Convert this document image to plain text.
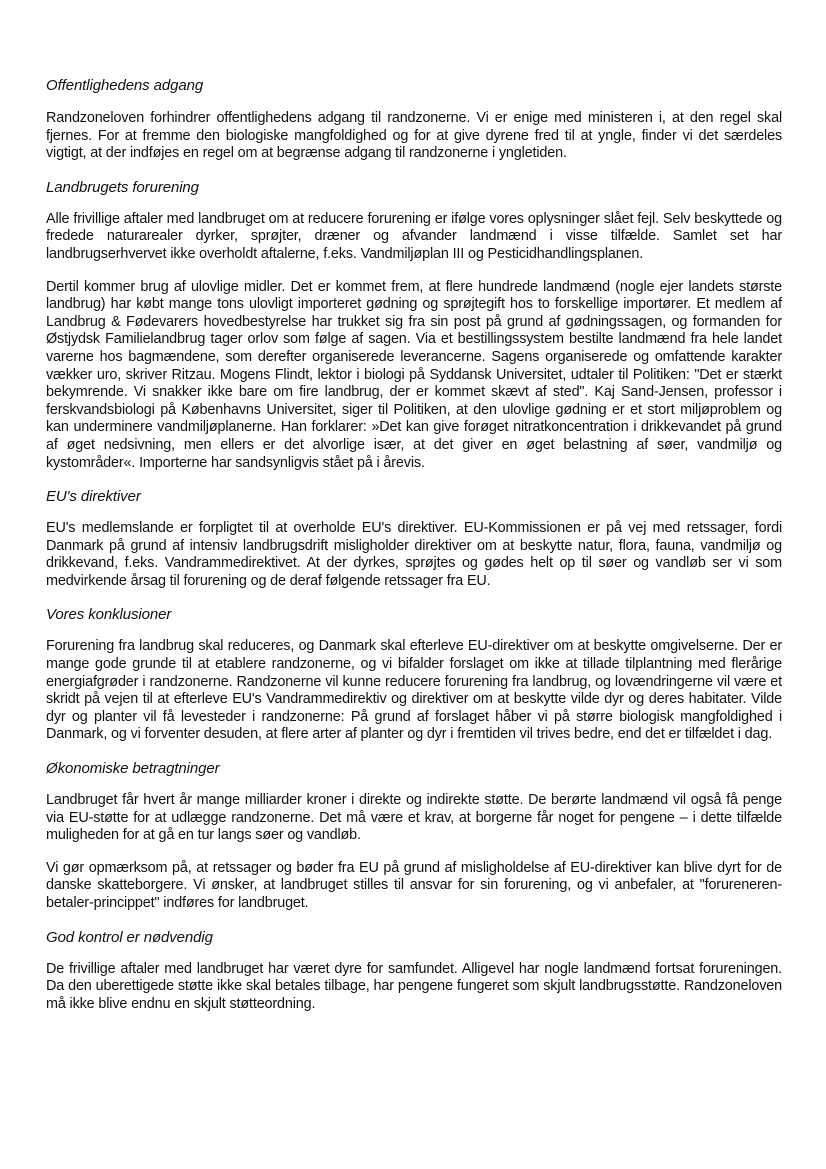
Offentlighedens adgang

Randzoneloven forhindrer offentlighedens adgang til randzonerne. Vi er enige med ministeren i, at den regel skal fjernes. For at fremme den biologiske mangfoldighed og for at give dyrene fred til at yngle, finder vi det særdeles vigtigt, at der indføjes en regel om at begrænse adgang til randzonerne i yngletiden.

Landbrugets forurening

Alle frivillige aftaler med landbruget om at reducere forurening er ifølge vores oplysninger slået fejl. Selv beskyttede og fredede naturarealer dyrker, sprøjter, dræner og afvander landmænd i visse tilfælde. Samlet set har landbrugserhvervet ikke overholdt aftalerne, f.eks. Vandmiljøplan III og Pesticidhandlingsplanen.

Dertil kommer brug af ulovlige midler. Det er kommet frem, at flere hundrede landmænd (nogle ejer landets største landbrug) har købt mange tons ulovligt importeret gødning og sprøjtegift hos to forskellige importører. Et medlem af Landbrug & Fødevarers hovedbestyrelse har trukket sig fra sin post på grund af gødningssagen, og formanden for Østjydsk Familielandbrug tager orlov som følge af sagen. Via et bestillingssystem bestilte landmænd fra hele landet varerne hos bagmændene, som derefter organiserede leverancerne. Sagens organiserede og omfattende karakter vækker uro, skriver Ritzau. Mogens Flindt, lektor i biologi på Syddansk Universitet, udtaler til Politiken: "Det er stærkt bekymrende. Vi snakker ikke bare om fire landbrug, der er kommet skævt af sted". Kaj Sand-Jensen, professor i ferskvandsbiologi på Københavns Universitet, siger til Politiken, at den ulovlige gødning er et stort miljøproblem og kan underminere vandmiljøplanerne. Han forklarer: »Det kan give forøget nitratkoncentration i drikkevandet på grund af øget nedsivning, men ellers er det alvorlige især, at det giver en øget belastning af søer, vandmiljø og kystområder«. Importerne har sandsynligvis stået på i årevis.

EU's direktiver

EU's medlemslande er forpligtet til at overholde EU's direktiver. EU-Kommissionen er på vej med retssager, fordi Danmark på grund af intensiv landbrugsdrift misligholder direktiver om at beskytte natur, flora, fauna, vandmiljø og drikkevand, f.eks. Vandrammedirektivet. At der dyrkes, sprøjtes og gødes helt op til søer og vandløb ser vi som medvirkende årsag til forurening og de deraf følgende retssager fra EU.

Vores konklusioner

Forurening fra landbrug skal reduceres, og Danmark skal efterleve EU-direktiver om at beskytte omgivelserne. Der er mange gode grunde til at etablere randzonerne, og vi bifalder forslaget om ikke at tillade tilplantning med flerårige energiafgrøder i randzonerne. Randzonerne vil kunne reducere forurening fra landbrug, og lovændringerne vil være et skridt på vejen til at efterleve EU's Vandrammedirektiv og direktiver om at beskytte vilde dyr og deres habitater. Vilde dyr og planter vil få levesteder i randzonerne: På grund af forslaget håber vi på større biologisk mangfoldighed i Danmark, og vi forventer desuden, at flere arter af planter og dyr i fremtiden vil trives bedre, end det er tilfældet i dag.

Økonomiske betragtninger

Landbruget får hvert år mange milliarder kroner i direkte og indirekte støtte. De berørte landmænd vil også få penge via EU-støtte for at udlægge randzonerne. Det må være et krav, at borgerne får noget for pengene – i dette tilfælde muligheden for at gå en tur langs søer og vandløb.

Vi gør opmærksom på, at retssager og bøder fra EU på grund af misligholdelse af EU-direktiver kan blive dyrt for de danske skatteborgere. Vi ønsker, at landbruget stilles til ansvar for sin forurening, og vi anbefaler, at "forureneren-betaler-princippet" indføres for landbruget.

God kontrol er nødvendig

De frivillige aftaler med landbruget har været dyre for samfundet. Alligevel har nogle landmænd fortsat forureningen. Da den uberettigede støtte ikke skal betales tilbage, har pengene fungeret som skjult landbrugsstøtte. Randzoneloven må ikke blive endnu en skjult støtteordning.
